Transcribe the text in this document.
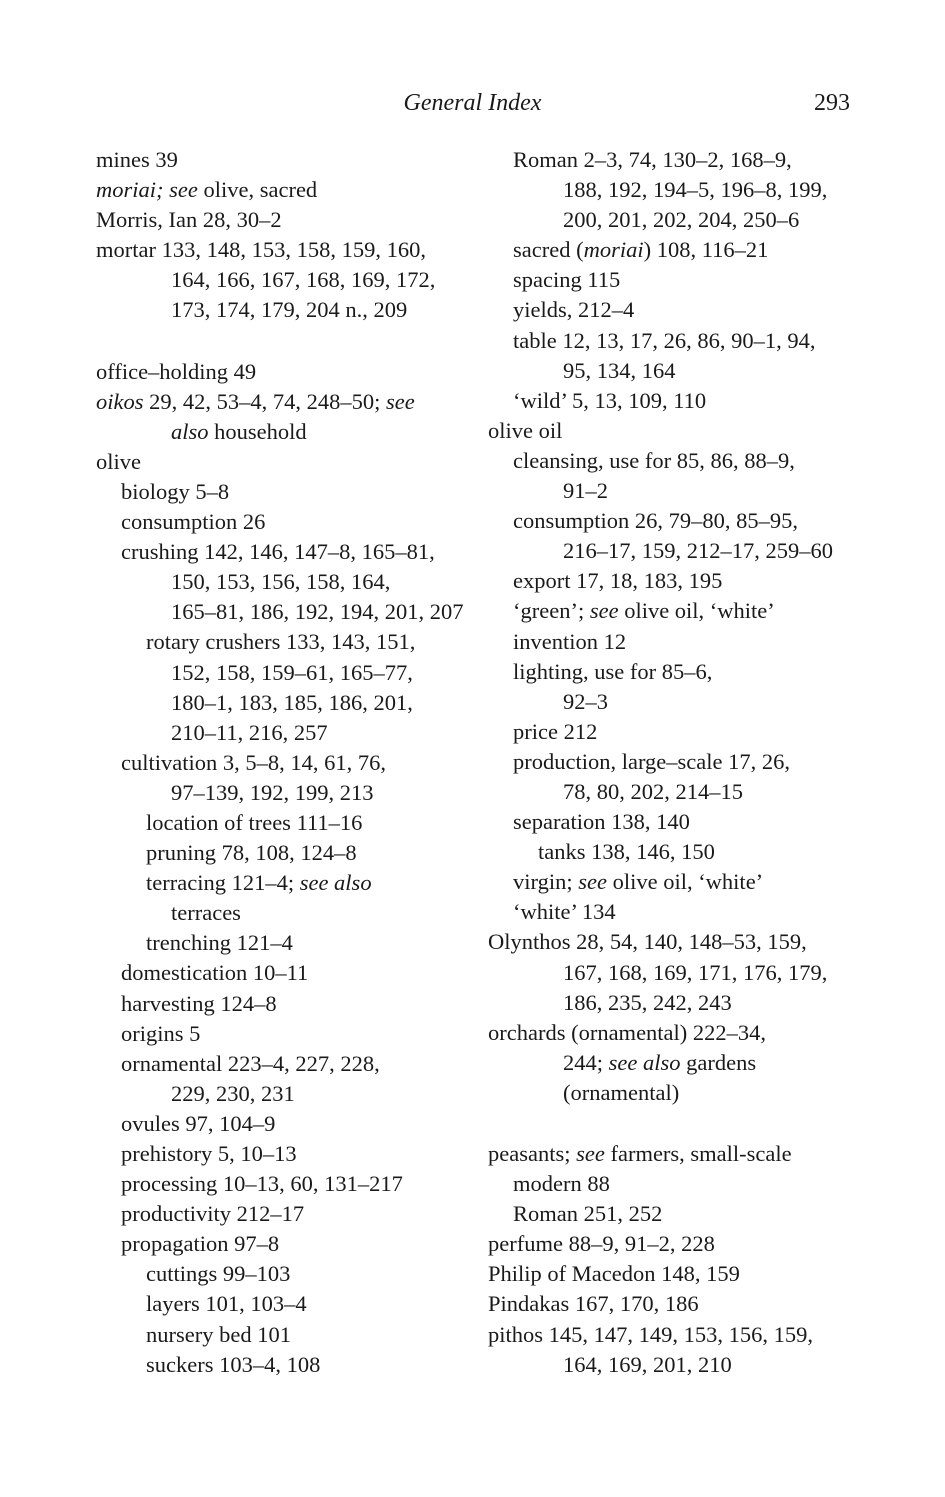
General Index	293
mines 39
moriai; see olive, sacred
Morris, Ian 28, 30–2
mortar 133, 148, 153, 158, 159, 160,
164, 166, 167, 168, 169, 172,
173, 174, 179, 204 n., 209
office–holding 49
oikos 29, 42, 53–4, 74, 248–50; see
also household
olive
biology 5–8
consumption 26
crushing 142, 146, 147–8, 165–81,
150, 153, 156, 158, 164,
165–81, 186, 192, 194, 201, 207
rotary crushers 133, 143, 151,
152, 158, 159–61, 165–77,
180–1, 183, 185, 186, 201,
210–11, 216, 257
cultivation 3, 5–8, 14, 61, 76,
97–139, 192, 199, 213
location of trees 111–16
pruning 78, 108, 124–8
terracing 121–4; see also
terraces
trenching 121–4
domestication 10–11
harvesting 124–8
origins 5
ornamental 223–4, 227, 228,
229, 230, 231
ovules 97, 104–9
prehistory 5, 10–13
processing 10–13, 60, 131–217
productivity 212–17
propagation 97–8
cuttings 99–103
layers 101, 103–4
nursery bed 101
suckers 103–4, 108
Roman 2–3, 74, 130–2, 168–9,
188, 192, 194–5, 196–8, 199,
200, 201, 202, 204, 250–6
sacred (moriai) 108, 116–21
spacing 115
yields, 212–4
table 12, 13, 17, 26, 86, 90–1, 94,
95, 134, 164
‘wild’ 5, 13, 109, 110
olive oil
cleansing, use for 85, 86, 88–9,
91–2
consumption 26, 79–80, 85–95,
216–17, 159, 212–17, 259–60
export 17, 18, 183, 195
‘green’; see olive oil, ‘white’
invention 12
lighting, use for 85–6,
92–3
price 212
production, large–scale 17, 26,
78, 80, 202, 214–15
separation 138, 140
tanks 138, 146, 150
virgin; see olive oil, ‘white’
‘white’ 134
Olynthos 28, 54, 140, 148–53, 159,
167, 168, 169, 171, 176, 179,
186, 235, 242, 243
orchards (ornamental) 222–34,
244; see also gardens
(ornamental)
peasants; see farmers, small-scale
modern 88
Roman 251, 252
perfume 88–9, 91–2, 228
Philip of Macedon 148, 159
Pindakas 167, 170, 186
pithos 145, 147, 149, 153, 156, 159,
164, 169, 201, 210
